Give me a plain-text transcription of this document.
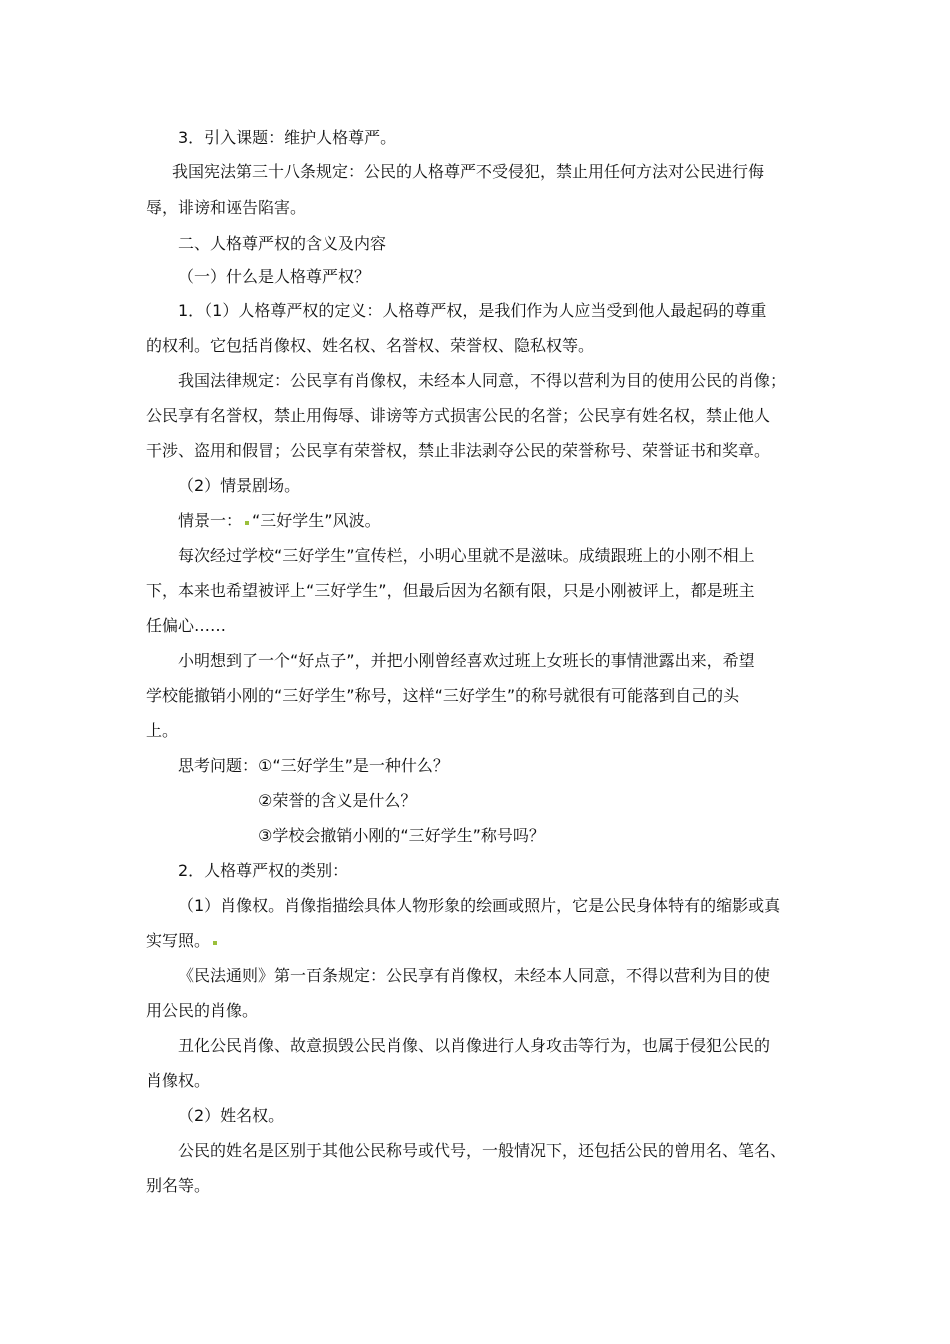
3．引入课题：维护人格尊严。
我国宪法第三十八条规定：公民的人格尊严不受侵犯，禁止用任何方法对公民进行侮
辱，诽谤和诬告陷害。
二、人格尊严权的含义及内容
（一）什么是人格尊严权？
1．（1）人格尊严权的定义：人格尊严权，是我们作为人应当受到他人最起码的尊重
的权利。它包括肖像权、姓名权、名誉权、荣誉权、隐私权等。
我国法律规定：公民享有肖像权，未经本人同意，不得以营利为目的使用公民的肖像；
公民享有名誉权，禁止用侮辱、诽谤等方式损害公民的名誉；公民享有姓名权，禁止他人
干涉、盗用和假冒；公民享有荣誉权，禁止非法剥夺公民的荣誉称号、荣誉证书和奖章。
（2）情景剧场。
情景一： “三好学生”风波。
每次经过学校“三好学生”宣传栏，小明心里就不是滋味。成绩跟班上的小刚不相上
下，本来也希望被评上“三好学生”，但最后因为名额有限，只是小刚被评上，都是班主
任偏心……
小明想到了一个“好点子”，并把小刚曾经喜欢过班上女班长的事情泄露出来，希望
学校能撤销小刚的“三好学生”称号，这样“三好学生”的称号就很有可能落到自己的头
上。
思考问题：①“三好学生”是一种什么？
②荣誉的含义是什么？
③学校会撤销小刚的“三好学生”称号吗？
2．人格尊严权的类别：
（1）肖像权。肖像指描绘具体人物形象的绘画或照片，它是公民身体特有的缩影或真
实写照。
《民法通则》第一百条规定：公民享有肖像权，未经本人同意，不得以营利为目的使
用公民的肖像。
丑化公民肖像、故意损毁公民肖像、以肖像进行人身攻击等行为，也属于侵犯公民的
肖像权。
（2）姓名权。
公民的姓名是区别于其他公民称号或代号，一般情况下，还包括公民的曾用名、笔名、
别名等。
